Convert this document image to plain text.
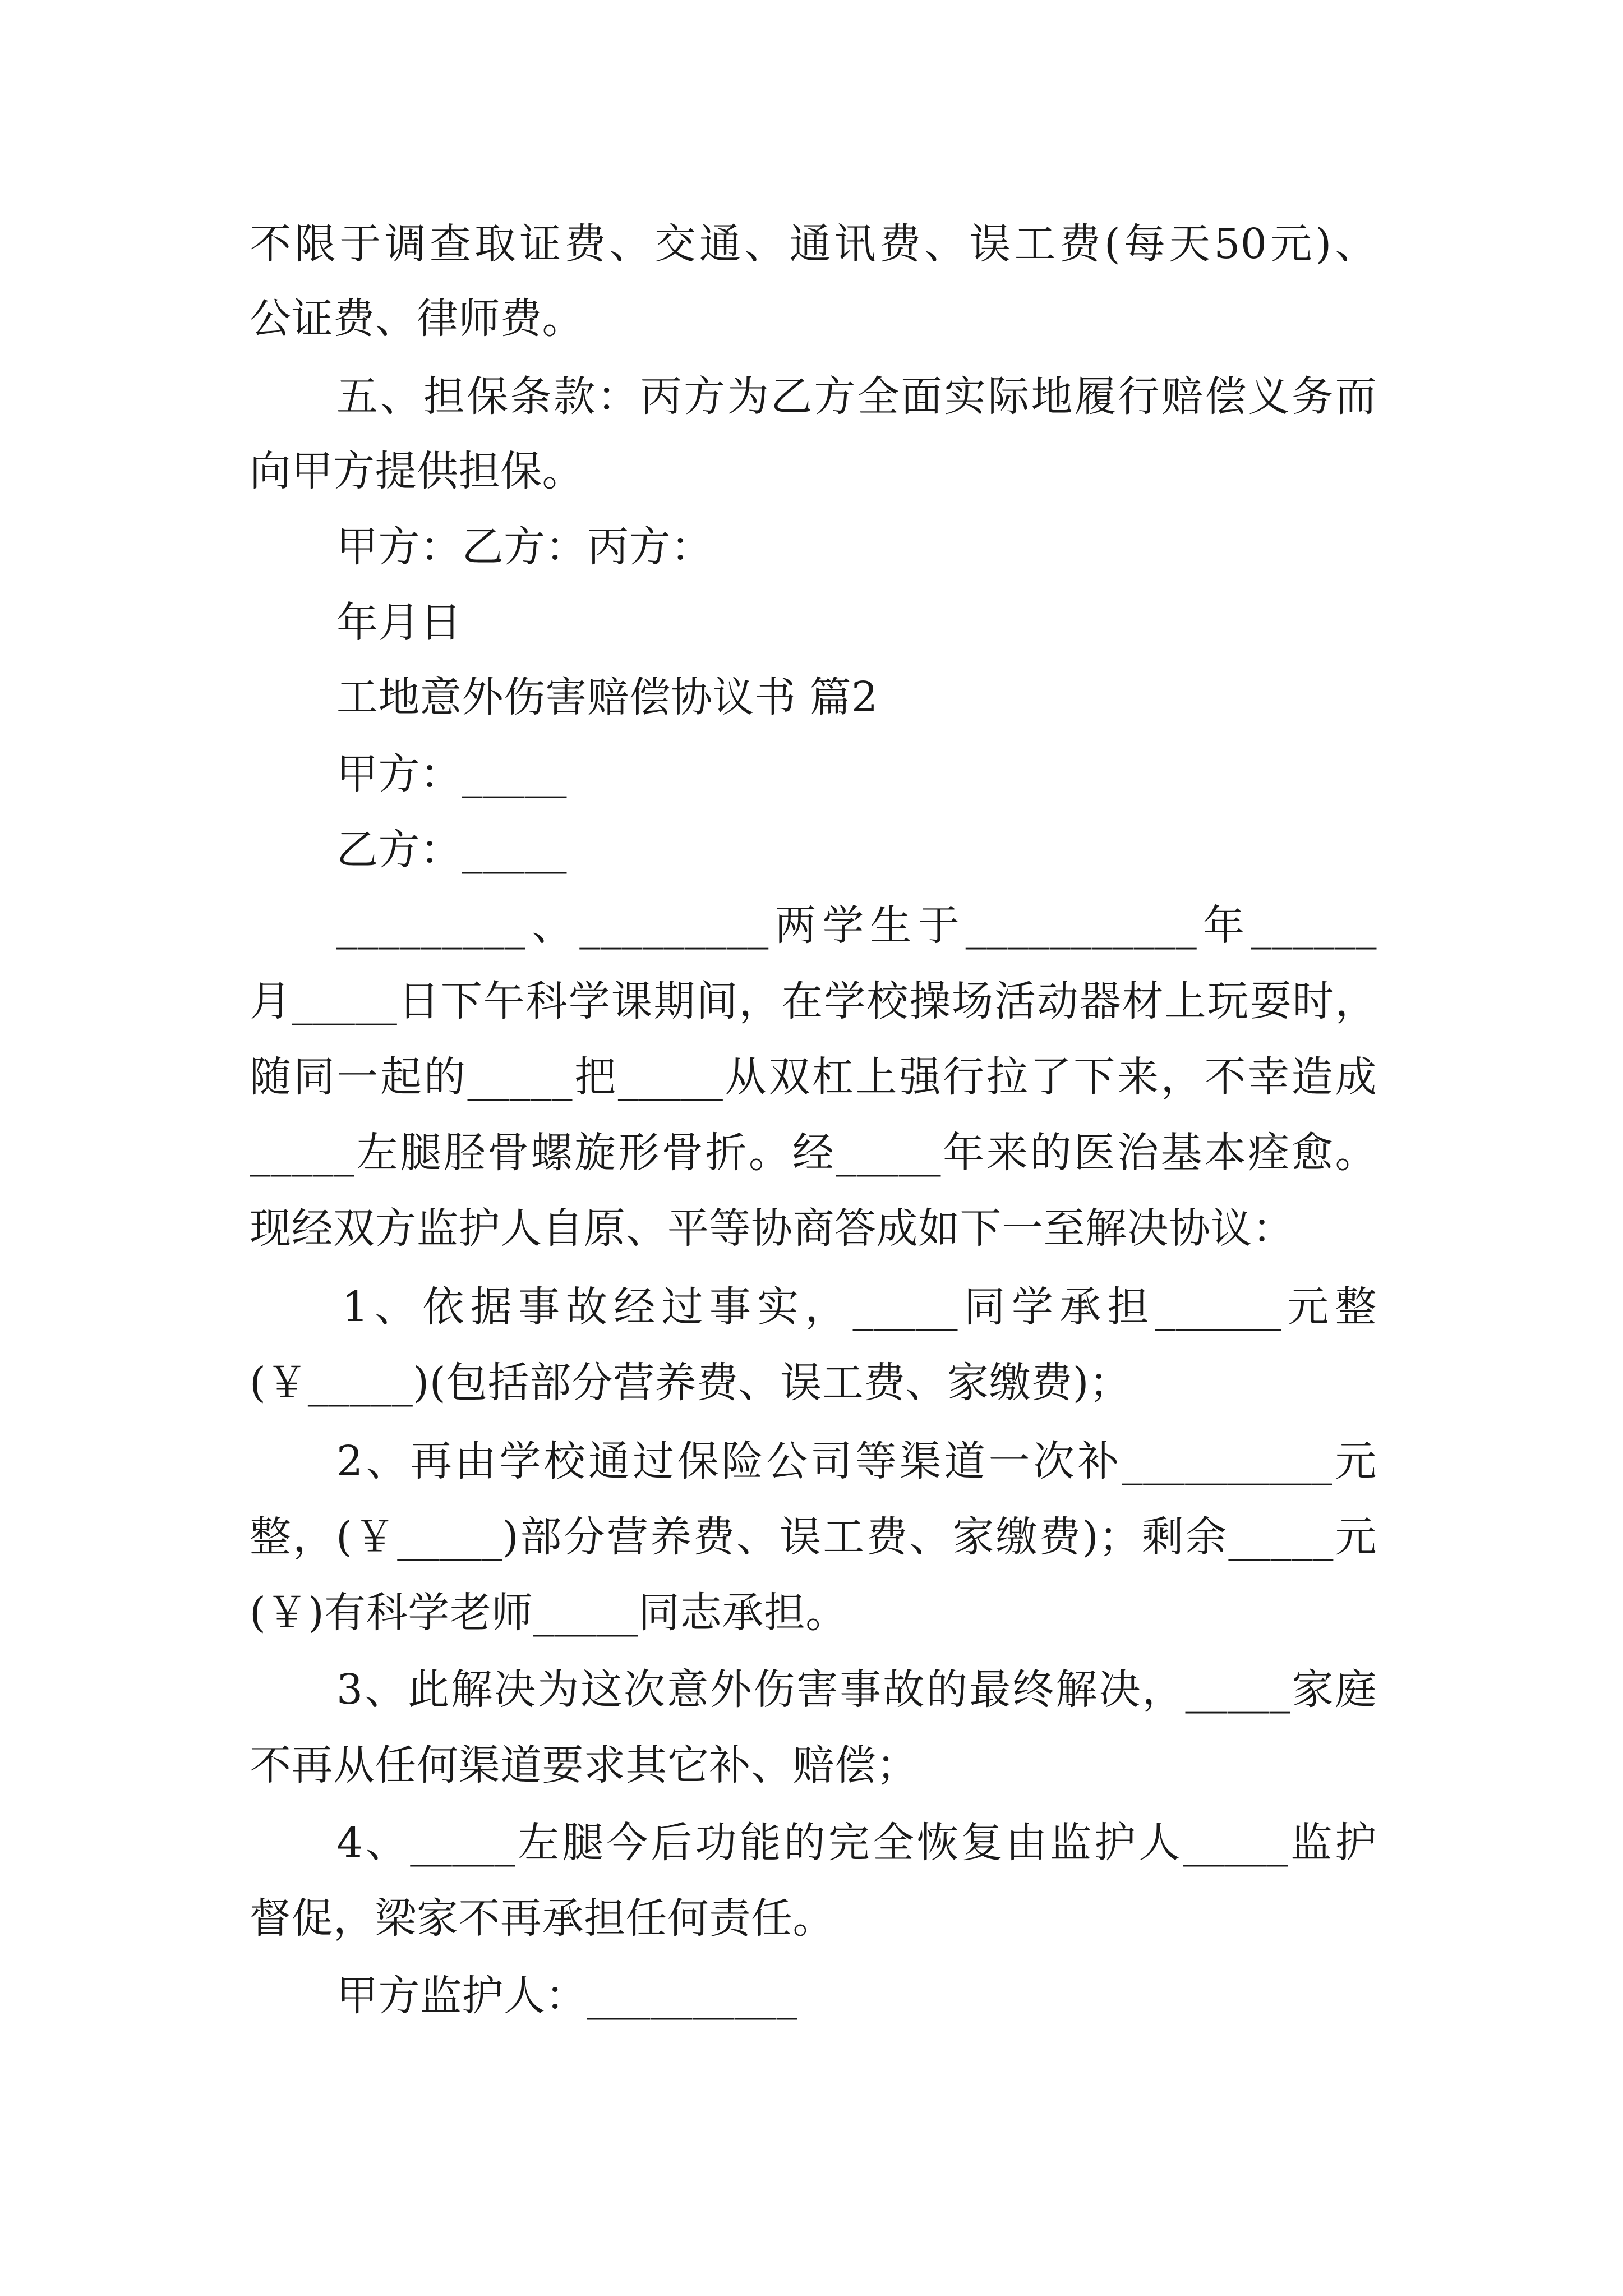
不限于调查取证费、交通、通讯费、误工费(每天50元)、
公证费、律师费。
五、担保条款：丙方为乙方全面实际地履行赔偿义务而
向甲方提供担保。
甲方：乙方：丙方：
年月日
工地意外伤害赔偿协议书 篇2
甲方：_____
乙方：_____
_________、_________两学生于___________年______
月_____日下午科学课期间，在学校操场活动器材上玩耍时，
随同一起的_____把_____从双杠上强行拉了下来，不幸造成
_____左腿胫骨螺旋形骨折。经_____年来的医治基本痊愈。
现经双方监护人自原、平等协商答成如下一至解决协议：
1、依据事故经过事实，_____同学承担______元整
(￥_____)(包括部分营养费、误工费、家缴费)；
2、再由学校通过保险公司等渠道一次补__________元
整，(￥_____)部分营养费、误工费、家缴费)；剩余_____元
(￥)有科学老师_____同志承担。
3、此解决为这次意外伤害事故的最终解决，_____家庭
不再从任何渠道要求其它补、赔偿；
4、_____左腿今后功能的完全恢复由监护人_____监护
督促，梁家不再承担任何责任。
甲方监护人：__________
